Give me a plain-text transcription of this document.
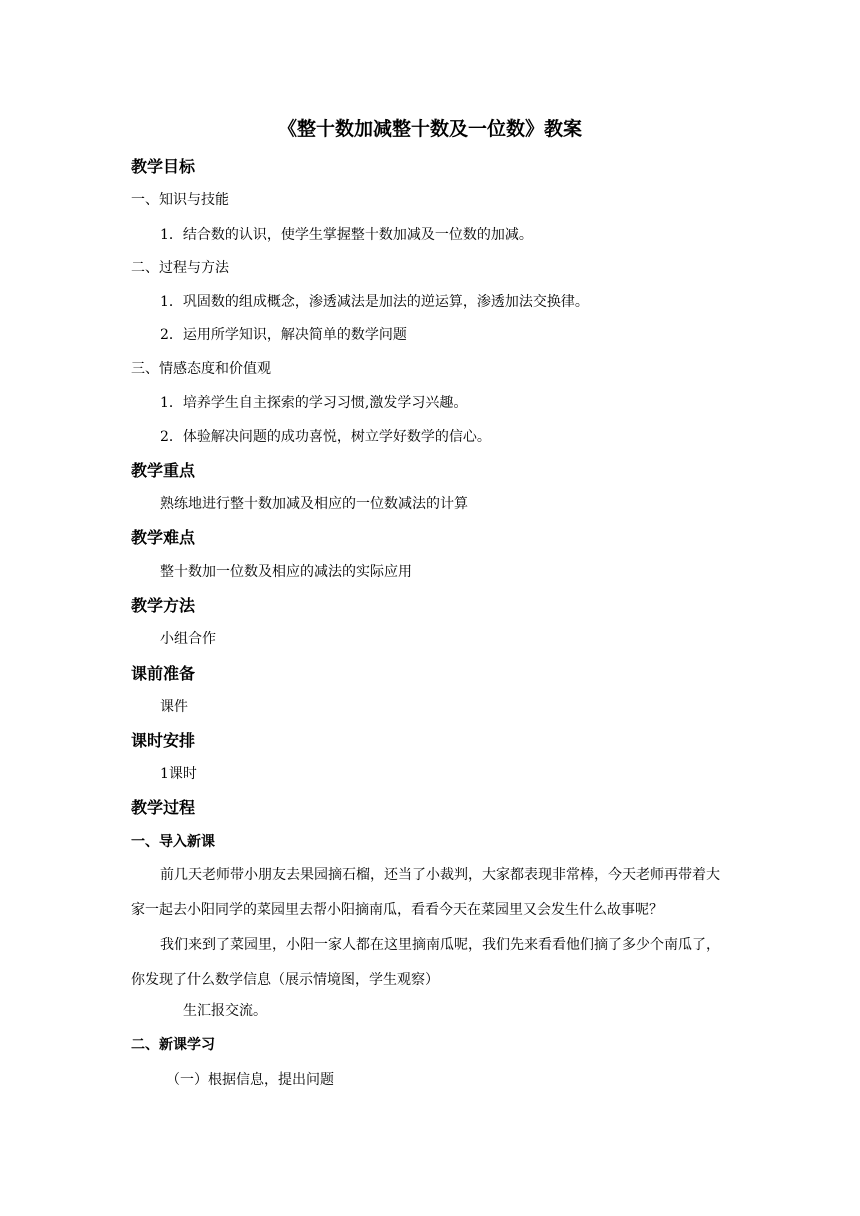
《整十数加减整十数及一位数》教案
教学目标
一、知识与技能
1．结合数的认识，使学生掌握整十数加减及一位数的加减。
二、过程与方法
1．巩固数的组成概念，渗透减法是加法的逆运算，渗透加法交换律。
2．运用所学知识，解决简单的数学问题
三、情感态度和价值观
1．培养学生自主探索的学习习惯,激发学习兴趣。
2．体验解决问题的成功喜悦，树立学好数学的信心。
教学重点
熟练地进行整十数加减及相应的一位数减法的计算
教学难点
整十数加一位数及相应的减法的实际应用
教学方法
小组合作
课前准备
课件
课时安排
1课时
教学过程
一、导入新课
前几天老师带小朋友去果园摘石榴，还当了小裁判，大家都表现非常棒，今天老师再带着大家一起去小阳同学的菜园里去帮小阳摘南瓜，看看今天在菜园里又会发生什么故事呢？
我们来到了菜园里，小阳一家人都在这里摘南瓜呢，我们先来看看他们摘了多少个南瓜了，你发现了什么数学信息（展示情境图，学生观察）
生汇报交流。
二、新课学习
（一）根据信息，提出问题
